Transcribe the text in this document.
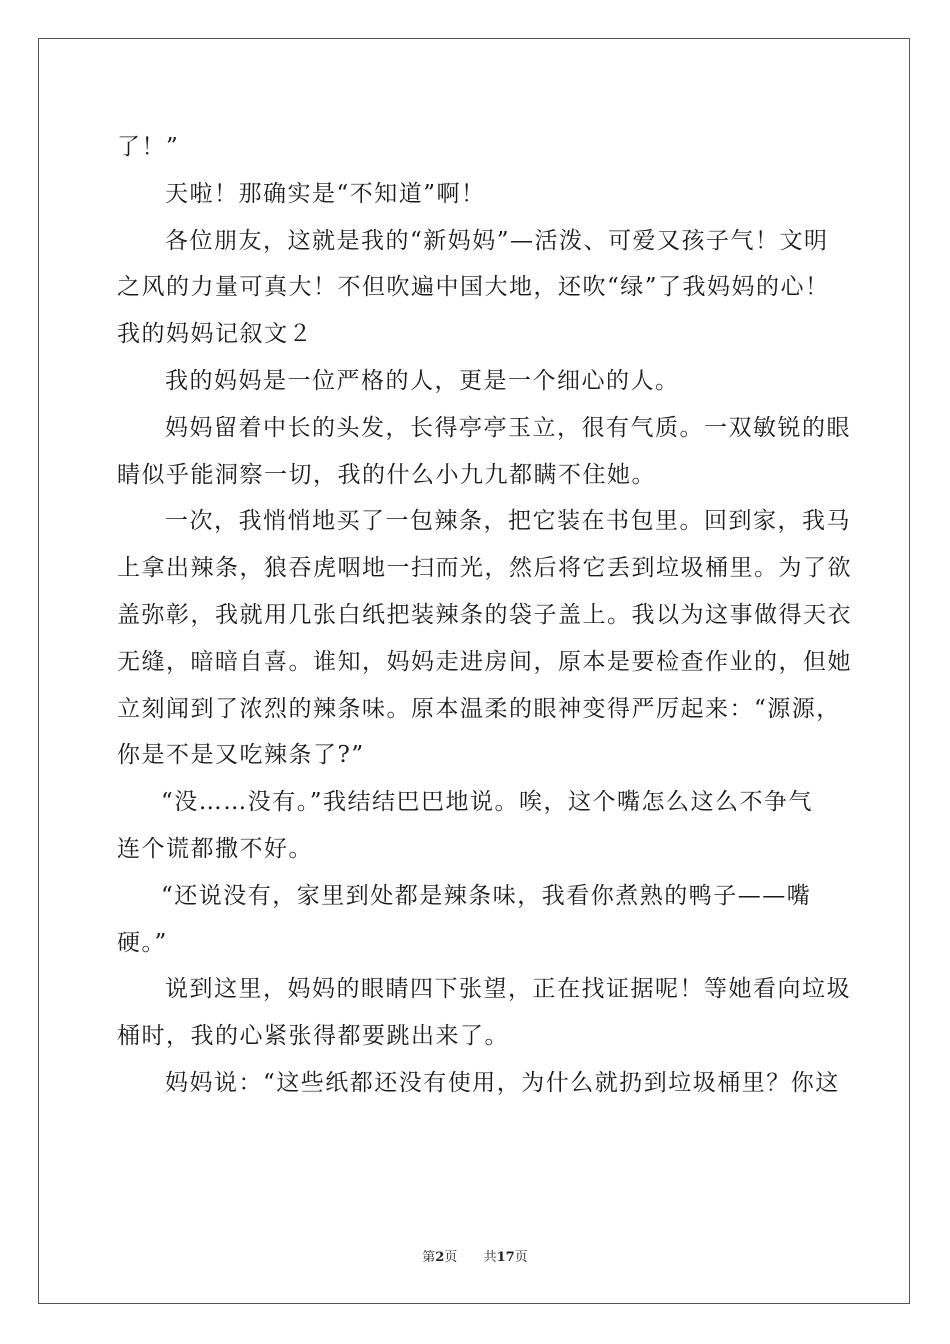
了！”

天啦！那确实是“不知道”啊！

各位朋友，这就是我的“新妈妈”—活泼、可爱又孩子气！文明

之风的力量可真大！不但吹遍中国大地，还吹“绿”了我妈妈的心！

我的妈妈记叙文２

我的妈妈是一位严格的人，更是一个细心的人。

妈妈留着中长的头发，长得亭亭玉立，很有气质。一双敏锐的眼

睛似乎能洞察一切，我的什么小九九都瞒不住她。

一次，我悄悄地买了一包辣条，把它装在书包里。回到家，我马

上拿出辣条，狼吞虎咽地一扫而光，然后将它丢到垃圾桶里。为了欲

盖弥彰，我就用几张白纸把装辣条的袋子盖上。我以为这事做得天衣

无缝，暗暗自喜。谁知，妈妈走进房间，原本是要检查作业的，但她

立刻闻到了浓烈的辣条味。原本温柔的眼神变得严厉起来：“源源，

你是不是又吃辣条了?”

“没……没有。”我结结巴巴地说。唉，这个嘴怎么这么不争气

连个谎都撒不好。

“还说没有，家里到处都是辣条味，我看你煮熟的鸭子——嘴

硬。”

说到这里，妈妈的眼睛四下张望，正在找证据呢！等她看向垃圾

桶时，我的心紧张得都要跳出来了。

妈妈说：“这些纸都还没有使用，为什么就扔到垃圾桶里？你这

第2页 共17页
